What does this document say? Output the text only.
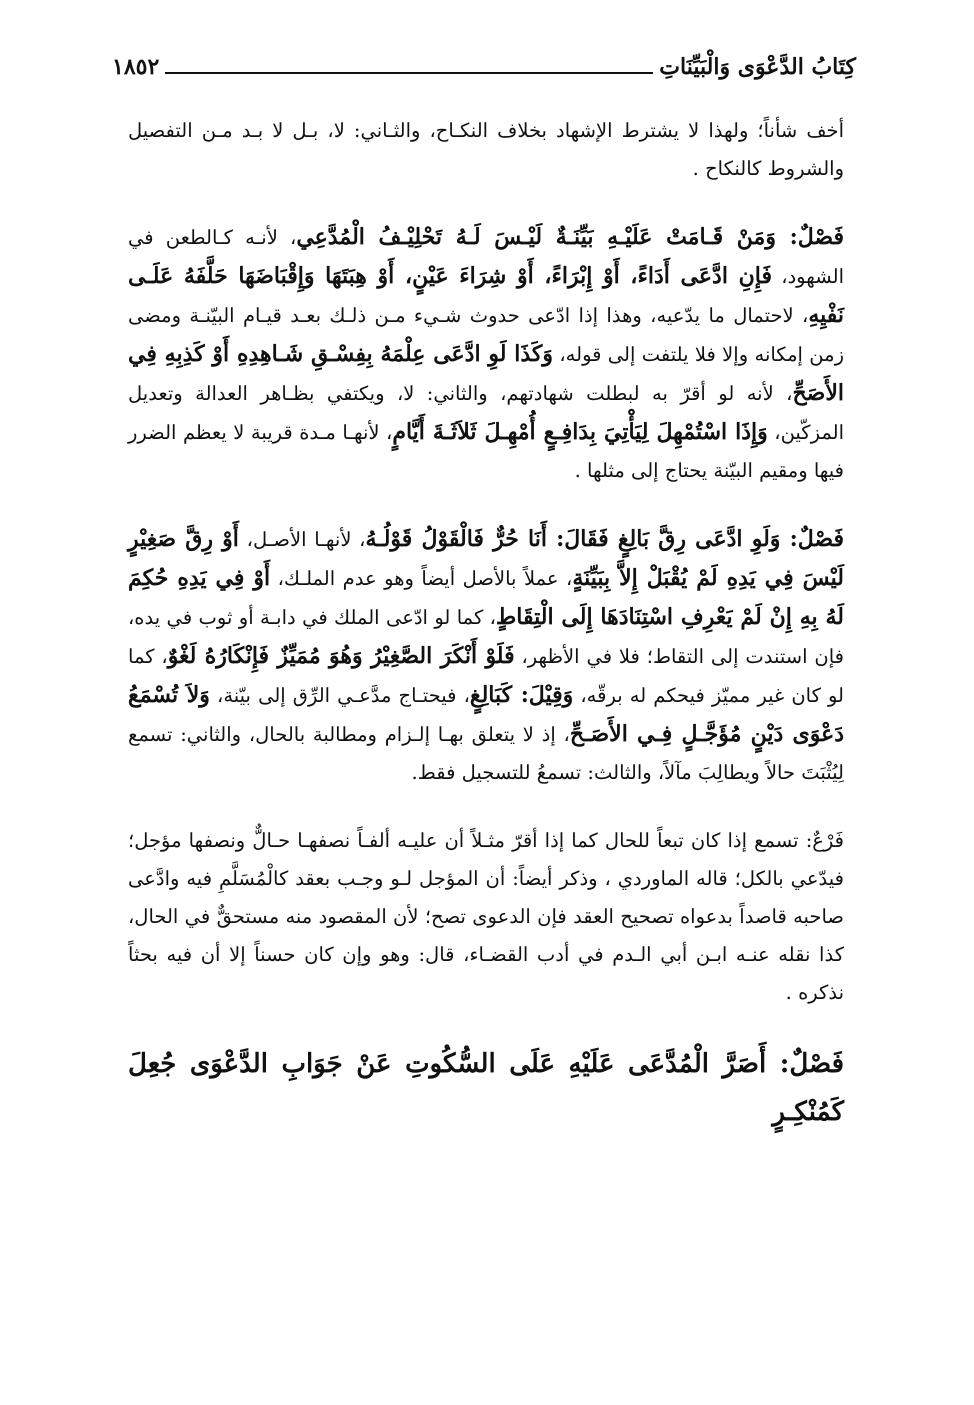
كِتَابُ الدَّعْوَى وَالْبَيِّنَاتِ
١٨٥٢

أخف شأناً؛ ولهذا لا يشترط الإشهاد بخلاف النكـاح، والثـاني: لا، بـل لا بـد مـن التفصيل والشروط كالنكاح .

فَصْلٌ: وَمَنْ قَـامَتْ عَلَيْـهِ بَيِّنَـةٌ لَيْـسَ لَـهُ تَحْلِيْـفُ الْمُدَّعِي، لأنـه كـالطعن في الشهود، فَإِنِ ادَّعَى أَدَاءً، أَوْ إِبْرَاءً، أَوْ شِرَاءَ عَيْنٍ، أَوْ هِبَتَهَا وَإِقْبَاضَهَا حَلَّفَهُ عَلَـى نَفْيِهِ، لاحتمال ما يدّعيه، وهذا إذا ادّعى حدوث شـيء مـن ذلـك بعـد قيـام البيّنـة ومضى زمن إمكانه وإلا فلا يلتفت إلى قوله، وَكَذَا لَوِ ادَّعَى عِلْمَهُ بِفِسْـقِ شَـاهِدِهِ أَوْ كَذِبِهِ فِي الأَصَحِّ، لأنه لو أقرّ به لبطلت شهادتهم، والثاني: لا، ويكتفي بظـاهر العدالة وتعديل المزكّين، وَإِذَا اسْتُمْهِلَ لِيَأْتِيَ بِدَافِـعٍ أُمْهِـلَ ثَلاَثَـةَ أَيَّامٍ، لأنهـا مـدة قريبة لا يعظم الضرر فيها ومقيم البيّنة يحتاج إلى مثلها .

فَصْلٌ: وَلَوِ ادَّعَى رِقَّ بَالِغٍ فَقَالَ: أَنَا حُرٌّ فَالْقَوْلُ قَوْلُـهُ، لأنهـا الأصـل، أَوْ رِقَّ صَغِيْرٍ لَيْسَ فِي يَدِهِ لَمْ يُقْبَلْ إِلاَّ بِبَيِّنَةٍ، عملاً بالأصل أيضاً وهو عدم الملـك، أَوْ فِي يَدِهِ حُكِمَ لَهُ بِهِ إِنْ لَمْ يَعْرِفِ اسْتِنَادَهَا إِلَى الْتِقَاطٍ، كما لو ادّعى الملك في دابـة أو ثوب في يده، فإن استندت إلى التقاط؛ فلا في الأظهر، فَلَوْ أَنْكَرَ الصَّغِيْرُ وَهُوَ مُمَيِّزٌ فَإِنْكَارُهُ لَغْوٌ، كما لو كان غير مميّز فيحكم له برقّه، وَقِيْلَ: كَبَالِغٍ، فيحتـاج مدَّعـي الرِّق إلى بيّنة، وَلاَ تُسْمَعُ دَعْوَى دَيْنٍ مُؤَجَّـلٍ فِـي الأَصَـحِّ، إذ لا يتعلق بهـا إلـزام ومطالبة بالحال، والثاني: تسمع لِيُثْبَتَ حالاً ويطالِبَ مآلاً، والثالث: تسمعُ للتسجيل فقط.

فَرْعٌ: تسمع إذا كان تبعاً للحال كما إذا أقرّ مثـلاً أن عليـه ألفـاً نصفهـا حـالٌّ ونصفها مؤجل؛ فيدّعي بالكل؛ قاله الماوردي ، وذكر أيضاً: أن المؤجل لـو وجـب بعقد كالْمُسَلَّمِ فيه وادَّعى صاحبه قاصداً بدعواه تصحيح العقد فإن الدعوى تصح؛ لأن المقصود منه مستحقٌّ في الحال، كذا نقله عنـه ابـن أبي الـدم في أدب القضـاء، قال: وهو وإن كان حسناً إلا أن فيه بحثاً نذكره .

فَصْلٌ: أَصَرَّ الْمُدَّعَى عَلَيْهِ عَلَى السُّكُوتِ عَنْ جَوَابِ الدَّعْوَى جُعِلَ كَمُنْكِـرٍ
